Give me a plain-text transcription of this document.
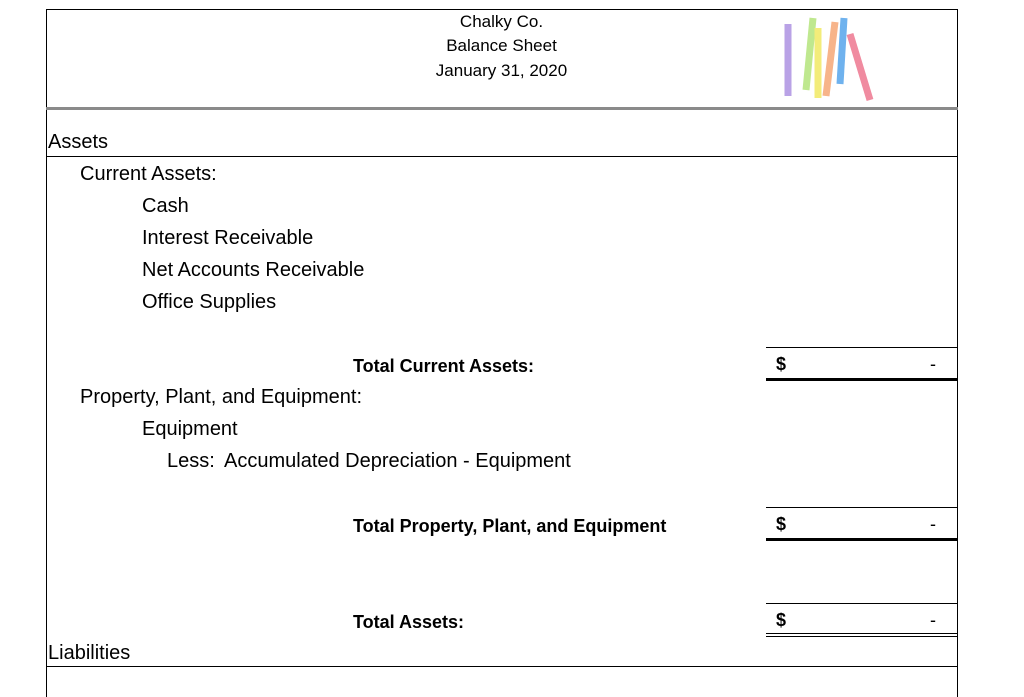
Chalky Co.
Balance Sheet
January 31, 2020
Assets
Current Assets:
Cash
Interest Receivable
Net Accounts Receivable
Office Supplies
Total Current Assets:	$	-
Property, Plant, and Equipment:
Equipment
Less: Accumulated Depreciation - Equipment
Total Property, Plant, and Equipment	$	-
Total Assets:	$	-
Liabilities
